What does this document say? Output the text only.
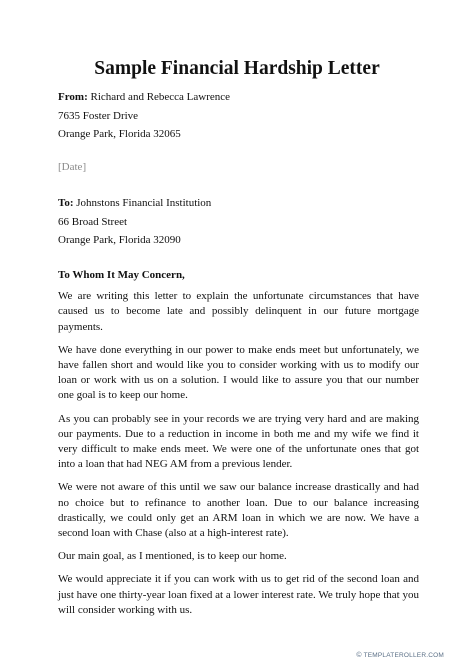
Sample Financial Hardship Letter

From: Richard and Rebecca Lawrence

7635 Foster Drive

Orange Park, Florida 32065

[Date]

To: Johnstons Financial Institution

66 Broad Street

Orange Park, Florida 32090

To Whom It May Concern,

We are writing this letter to explain the unfortunate circumstances that have caused us to become late and possibly delinquent in our future mortgage payments.

We have done everything in our power to make ends meet but unfortunately, we have fallen short and would like you to consider working with us to modify our loan or work with us on a solution. I would like to assure you that our number one goal is to keep our home.

As you can probably see in your records we are trying very hard and are making our payments. Due to a reduction in income in both me and my wife we find it very difficult to make ends meet. We were one of the unfortunate ones that got into a loan that had NEG AM from a previous lender.

We were not aware of this until we saw our balance increase drastically and had no choice but to refinance to another loan. Due to our balance increasing drastically, we could only get an ARM loan in which we are now. We have a second loan with Chase (also at a high-interest rate).

Our main goal, as I mentioned, is to keep our home.

We would appreciate it if you can work with us to get rid of the second loan and just have one thirty-year loan fixed at a lower interest rate. We truly hope that you will consider working with us.

© TEMPLATEROLLER.COM
